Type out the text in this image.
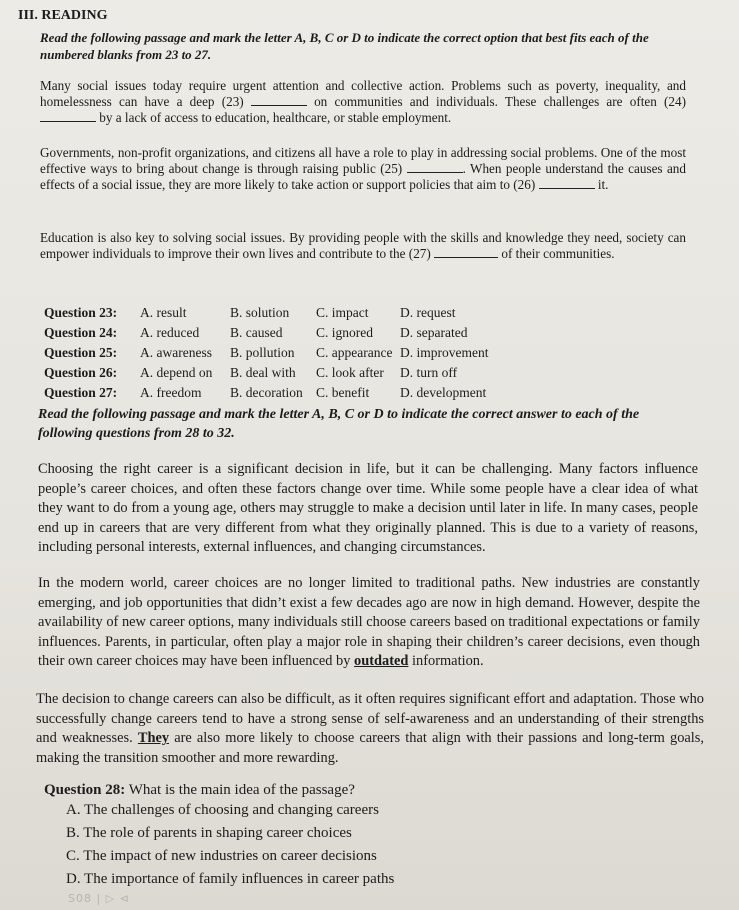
III. READING
Read the following passage and mark the letter A, B, C or D to indicate the correct option that best fits each of the numbered blanks from 23 to 27.
Many social issues today require urgent attention and collective action. Problems such as poverty, inequality, and homelessness can have a deep (23)	on communities and individuals. These challenges are often (24)  by a lack of access to education, healthcare, or stable employment.
Governments, non-profit organizations, and citizens all have a role to play in addressing social problems. One of the most effective ways to bring about change is through raising public (25)	. When people understand the causes and effects of a social issue, they are more likely to take action or support policies that aim to (26)	it.
Education is also key to solving social issues. By providing people with the skills and knowledge they need, society can empower individuals to improve their own lives and contribute to the (27)	of their communities.
Question 23: A. result	B. solution C. impact D. request
Question 24: A. reduced B. caused C. ignored D. separated
Question 25: A. awareness B. pollution C. appearance D. improvement
Question 26: A. depend on B. deal with C. look after D. turn off
Question 27: A. freedom B. decoration C. benefit D. development
Read the following passage and mark the letter A, B, C or D to indicate the correct answer to each of the following questions from 28 to 32.
Choosing the right career is a significant decision in life, but it can be challenging. Many factors influence people’s career choices, and often these factors change over time. While some people have a clear idea of what they want to do from a young age, others may struggle to make a decision until later in life. In many cases, people end up in careers that are very different from what they originally planned. This is due to a variety of reasons, including personal interests, external influences, and changing circumstances.
In the modern world, career choices are no longer limited to traditional paths. New industries are constantly emerging, and job opportunities that didn’t exist a few decades ago are now in high demand. However, despite the availability of new career options, many individuals still choose careers based on traditional expectations or family influences. Parents, in particular, often play a major role in shaping their children’s career decisions, even though their own career choices may have been influenced by outdated information.
The decision to change careers can also be difficult, as it often requires significant effort and adaptation. Those who successfully change careers tend to have a strong sense of self-awareness and an understanding of their strengths and weaknesses. They are also more likely to choose careers that align with their passions and long-term goals, making the transition smoother and more rewarding.
Question 28: What is the main idea of the passage?
A. The challenges of choosing and changing careers
B. The role of parents in shaping career choices
C. The impact of new industries on career decisions
D. The importance of family influences in career paths
S08 | ▷ ⊲
